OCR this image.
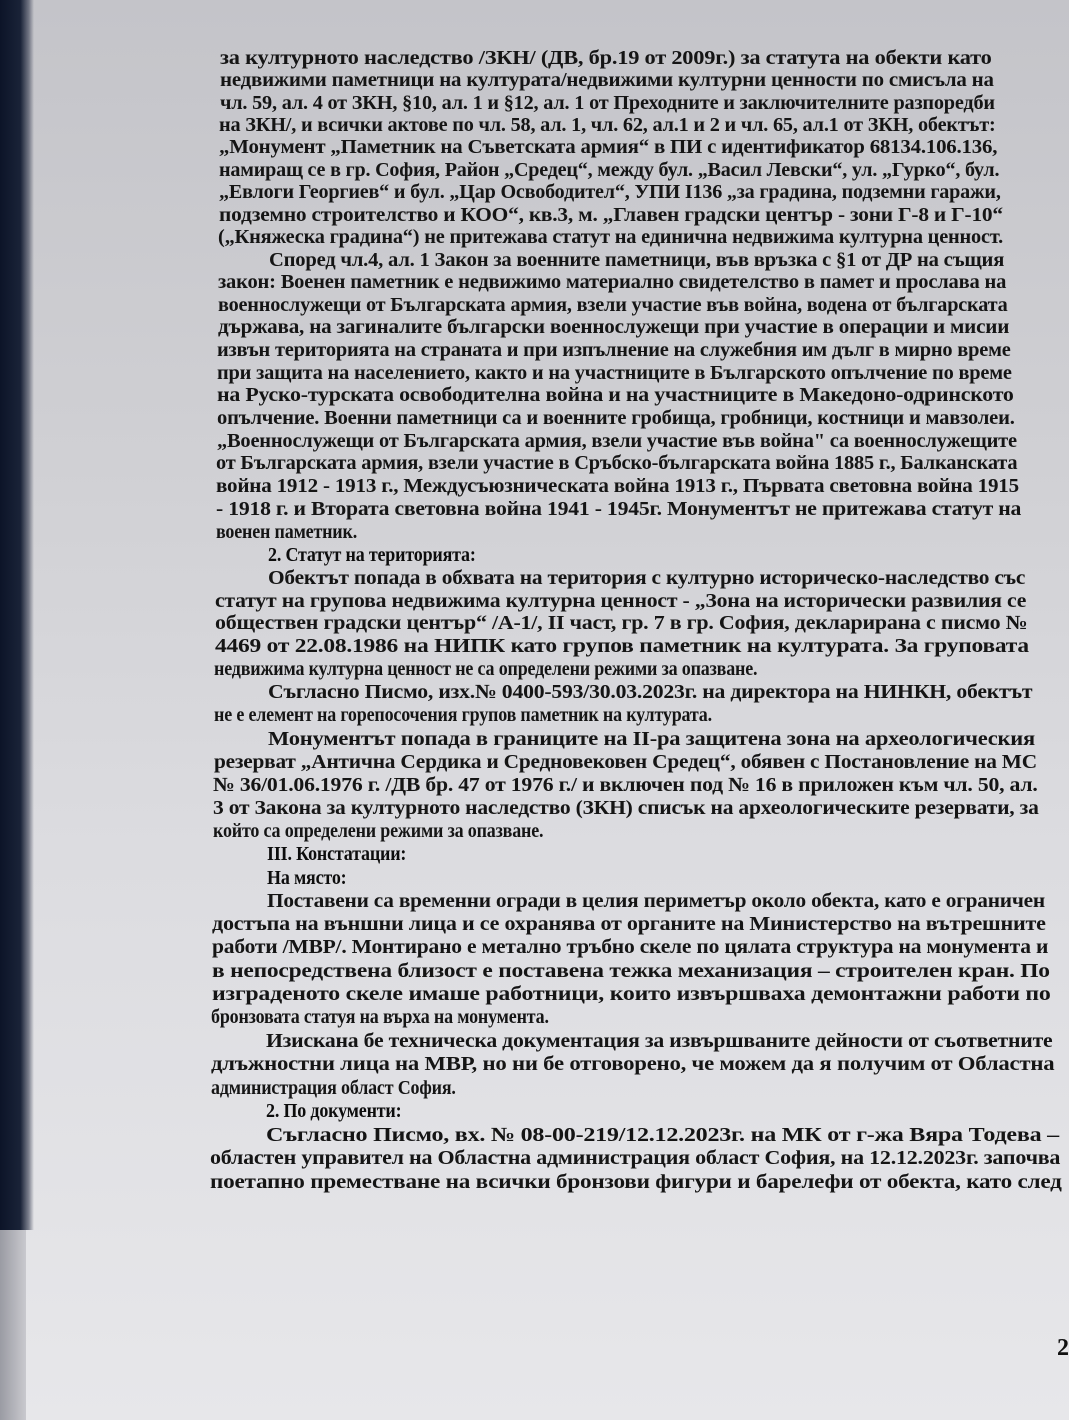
за културното наследство /ЗКН/ (ДВ, бр.19 от 2009г.) за статута на обекти като
недвижими паметници на културата/недвижими културни ценности по смисъла на
чл. 59, ал. 4 от ЗКН, §10, ал. 1 и §12, ал. 1 от Преходните и заключителните разпоредби
на ЗКН/, и всички актове по чл. 58, ал. 1, чл. 62, ал.1 и 2 и чл. 65, ал.1 от ЗКН, обектът:
„Монумент „Паметник на Съветската армия“ в ПИ с идентификатор 68134.106.136,
намиращ се в гр. София, Район „Средец“, между бул. „Васил Левски“, ул. „Гурко“, бул.
„Евлоги Георгиев“ и бул. „Цар Освободител“, УПИ I136 „за градина, подземни гаражи,
подземно строителство и КОО“, кв.3, м. „Главен градски център - зони Г-8 и Г-10“
(„Княжеска градина“) не притежава статут на единична недвижима културна ценност.
Според чл.4, ал. 1 Закон за военните паметници, във връзка с §1 от ДР на същия
закон: Военен паметник е недвижимо материално свидетелство в памет и прослава на
военнослужещи от Българската армия, взели участие във война, водена от българската
държава, на загиналите български военнослужещи при участие в операции и мисии
извън територията на страната и при изпълнение на служебния им дълг в мирно време
при защита на населението, както и на участниците в Българското опълчение по време
на Руско-турската освободителна война и на участниците в Македоно-одринското
опълчение. Военни паметници са и военните гробища, гробници, костници и мавзолеи.
„Военнослужещи от Българската армия, взели участие във война" са военнослужещите
от Българската армия, взели участие в Сръбско-българската война 1885 г., Балканската
война 1912 - 1913 г., Междусъюзническата война 1913 г., Първата световна война 1915
- 1918 г. и Втората световна война 1941 - 1945г. Монументът не притежава статут на
военен паметник.
2. Статут на територията:
Обектът попада в обхвата на територия с културно историческо-наследство със
статут на групова недвижима културна ценност - „Зона на исторически развилия се
обществен градски център“ /А-1/, II част, гр. 7 в гр. София, декларирана с писмо №
4469 от 22.08.1986 на НИПК като групов паметник на културата. За груповата
недвижима културна ценност не са определени режими за опазване.
Съгласно Писмо, изх.№ 0400-593/30.03.2023г. на директора на НИНКН, обектът
не е елемент на горепосочения групов паметник на културата.
Монументът попада в границите на II-ра защитена зона на археологическия
резерват „Антична Сердика и Средновековен Средец“, обявен с Постановление на МС
№ 36/01.06.1976 г. /ДВ бр. 47 от 1976 г./ и включен под № 16 в приложен към чл. 50, ал.
3 от Закона за културното наследство (ЗКН) списък на археологическите резервати, за
който са определени режими за опазване.
III. Констатации:
На място:
Поставени са временни огради в целия периметър около обекта, като е ограничен
достъпа на външни лица и се охранява от органите на Министерство на вътрешните
работи /МВР/. Монтирано е метално тръбно скеле по цялата структура на монумента и
в непосредствена близост е поставена тежка механизация – строителен кран. По
изграденото скеле имаше работници, които извършваха демонтажни работи по
бронзовата статуя на върха на монумента.
Изискана бе техническа документация за извършваните дейности от съответните
длъжностни лица на МВР, но ни бе отговорено, че можем да я получим от Областна
администрация област София.
2. По документи:
Съгласно Писмо, вх. № 08-00-219/12.12.2023г. на МК от г-жа Вяра Тодева –
областен управител на Областна администрация област София, на 12.12.2023г. започва
поетапно преместване на всички бронзови фигури и барелефи от обекта, като след
2
